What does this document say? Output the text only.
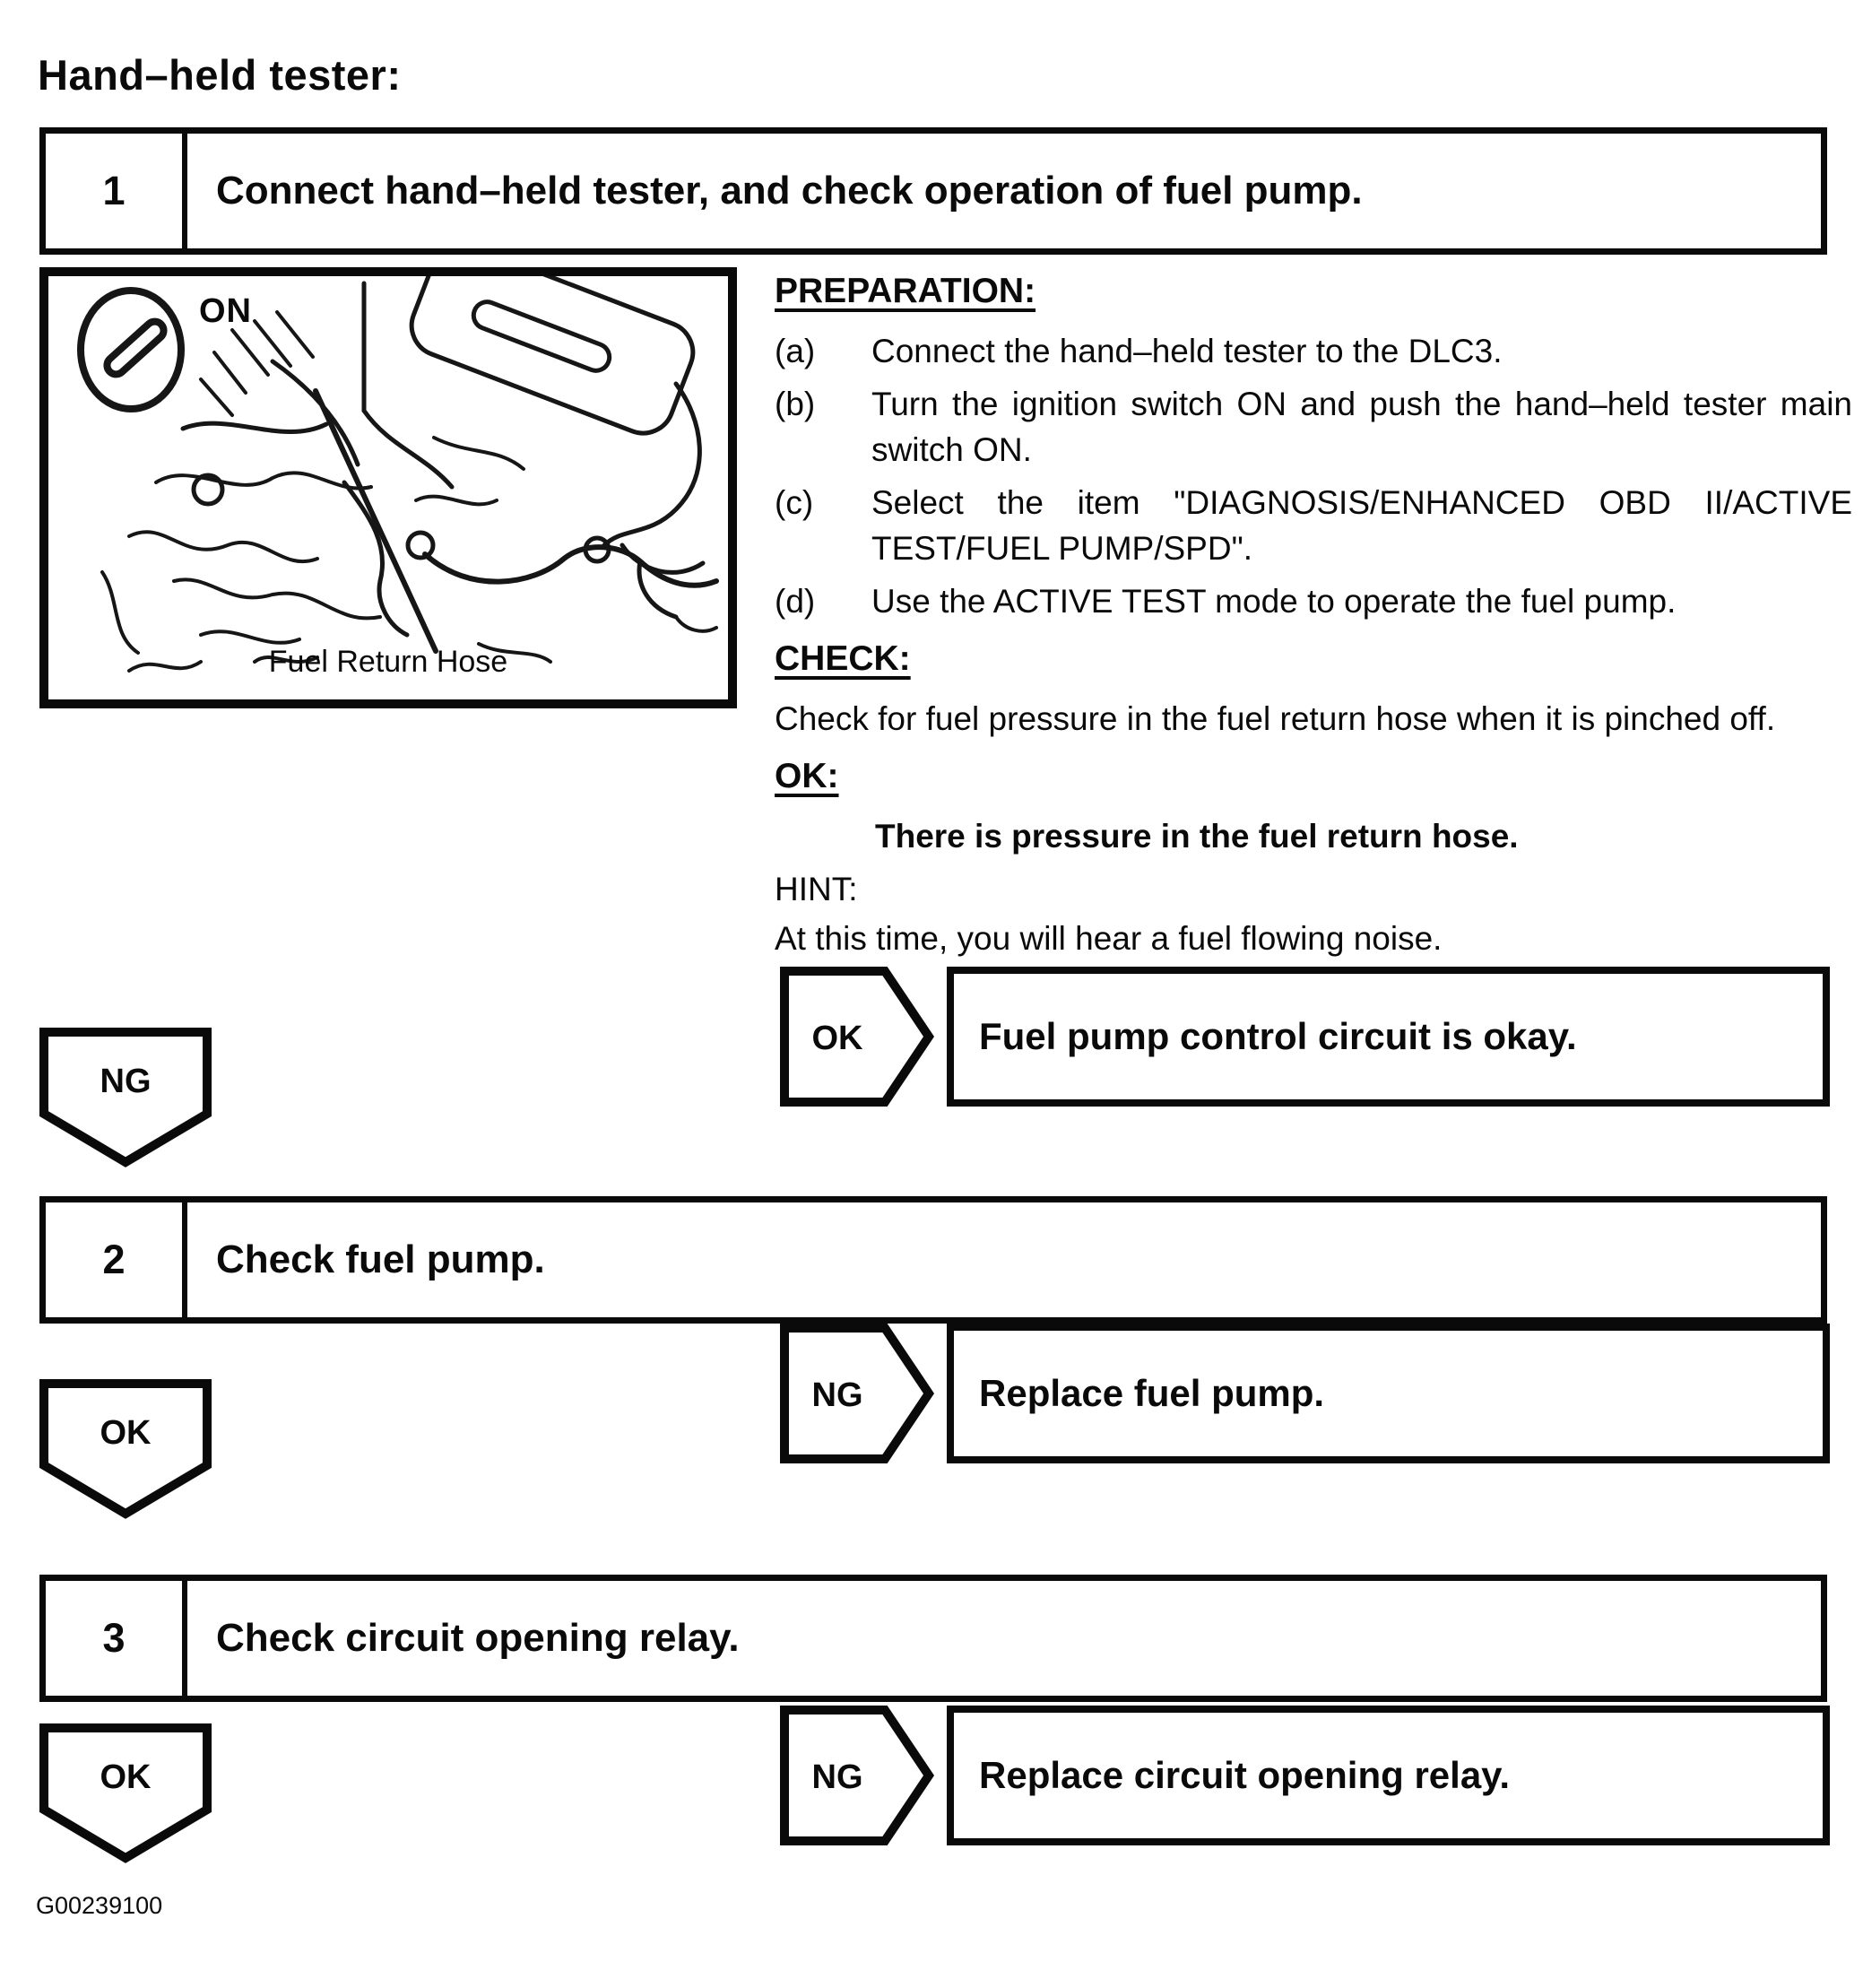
Hand–held tester:
1	Connect hand–held tester, and check operation of fuel pump.
ON
Fuel Return Hose
PREPARATION:
(a)	Connect the hand–held tester to the DLC3.
(b)	Turn the ignition switch ON and push the hand–held tester main switch ON.
(c)	Select the item "DIAGNOSIS/ENHANCED OBD II/ACTIVE TEST/FUEL PUMP/SPD".
(d)	Use the ACTIVE TEST mode to operate the fuel pump.
CHECK:
Check for fuel pressure in the fuel return hose when it is pinched off.
OK:
There is pressure in the fuel return hose.
HINT:
At this time, you will hear a fuel flowing noise.
OK	Fuel pump control circuit is okay.
NG
2	Check fuel pump.
NG	Replace fuel pump.
OK
3	Check circuit opening relay.
NG	Replace circuit opening relay.
OK
G00239100
